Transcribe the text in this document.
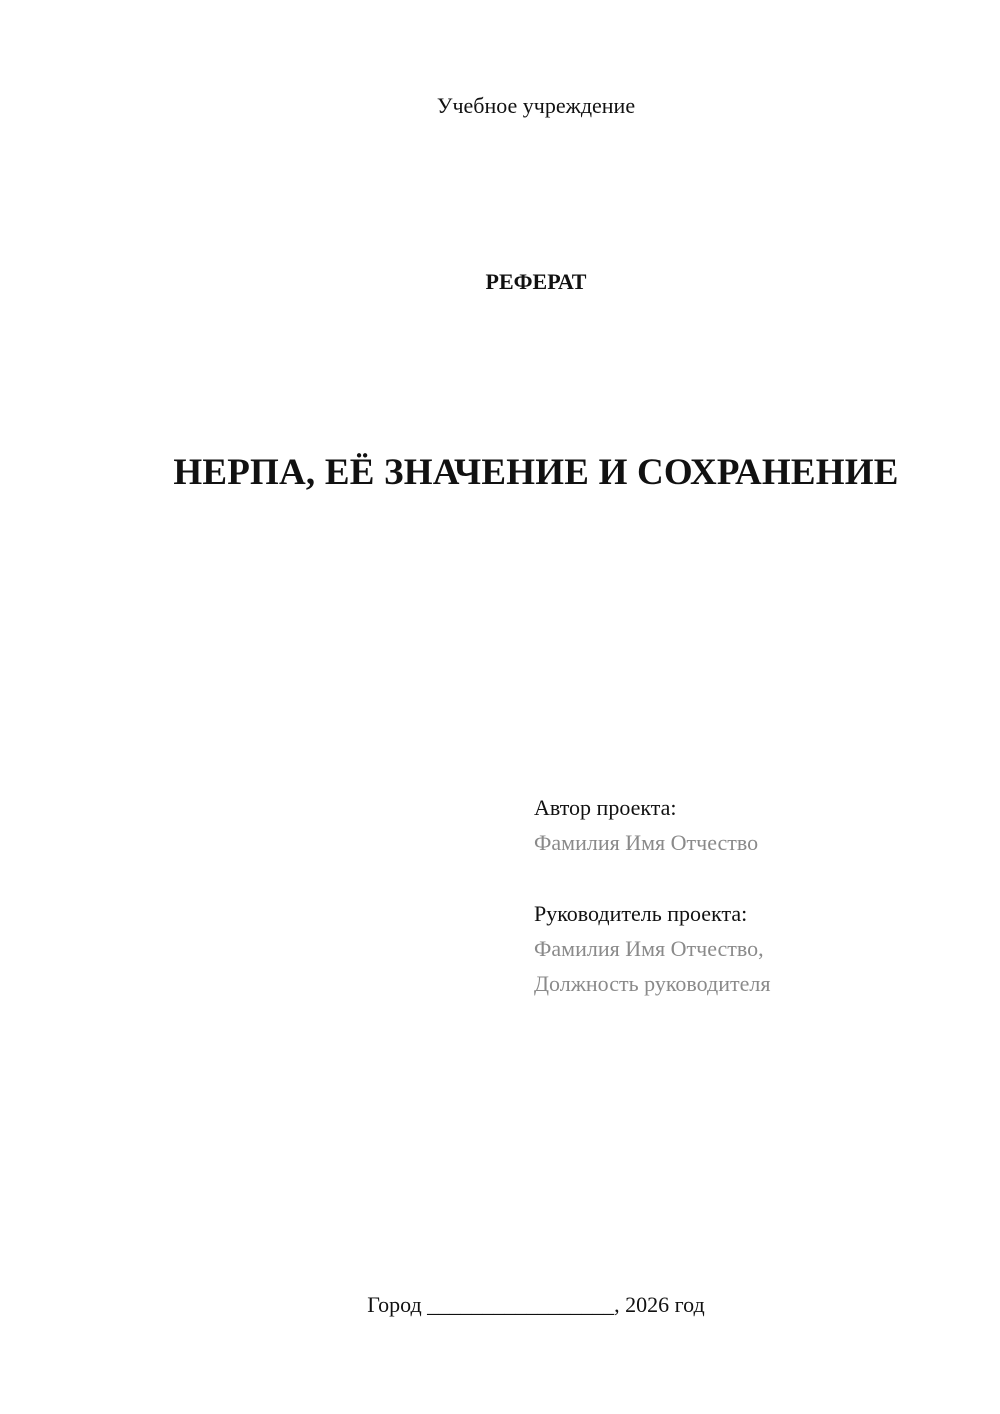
Учебное учреждение
РЕФЕРАТ
НЕРПА, ЕЁ ЗНАЧЕНИЕ И СОХРАНЕНИЕ
Автор проекта:
Фамилия Имя Отчество
Руководитель проекта:
Фамилия Имя Отчество,
Должность руководителя
Город _________________, 2026 год
